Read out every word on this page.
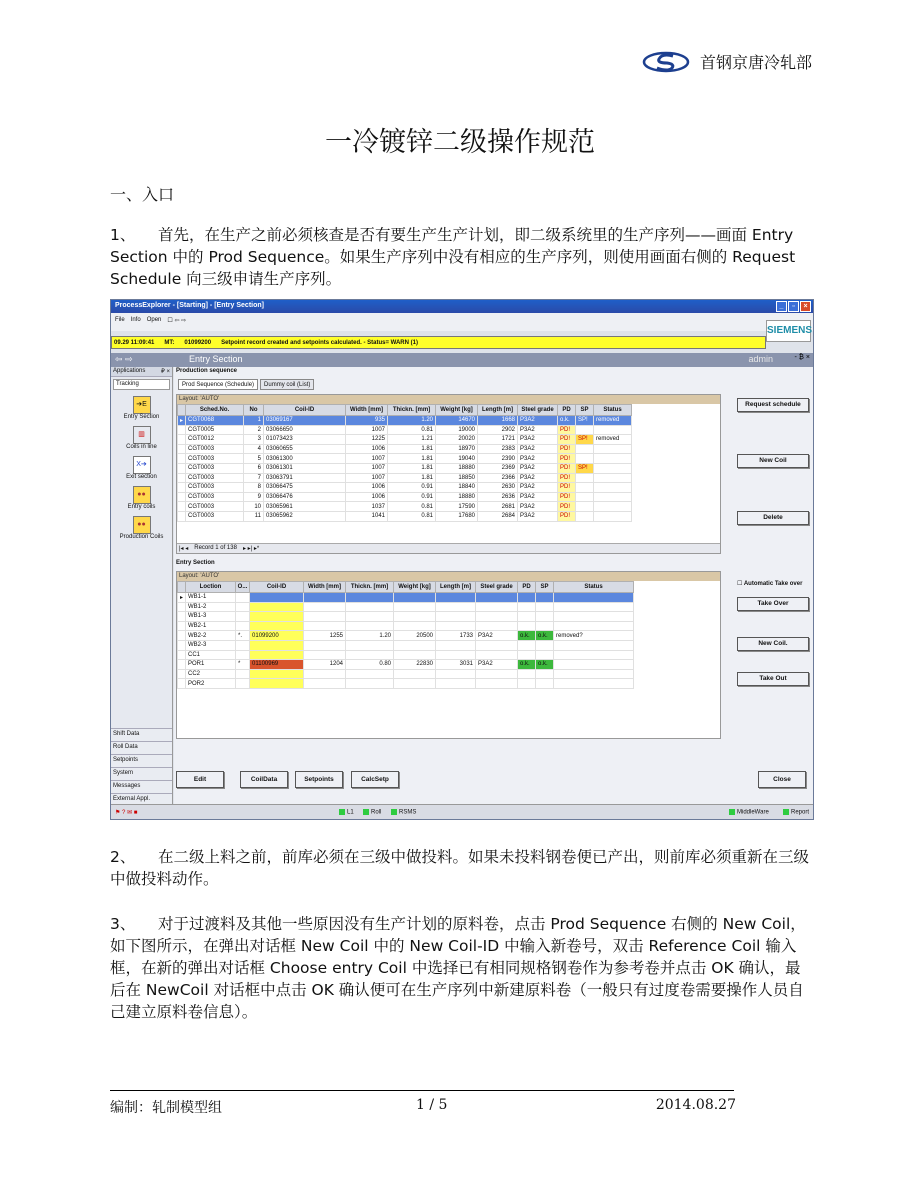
首钢京唐冷轧部
一冷镀锌二级操作规范
一、入口
1、 首先，在生产之前必须核查是否有要生产生产计划，即二级系统里的生产序列——画面 Entry Section 中的 Prod Sequence。如果生产序列中没有相应的生产序列，则使用画面右侧的 Request Schedule 向三级申请生产序列。
ProcessExplorer - [Starting] - [Entry Section]	_	▫	×
File Info Open ☐ ⇦ ⇨
SIEMENS
09.29 11:09:41 MT: 01099200 Setpoint record created and setpoints calculated. - Status= WARN (1)
⇦ ⇨	Entry Section	admin	- ₿ ×
Applications	₽ ×
Tracking
➔E
Entry Section
▥
Coils in line
X➔
Exit section
●●
Entry coils
●●
Production Coils
Shift Data
Roll Data
Setpoints
System
Messages
External Appl.
Production sequence
Prod Sequence (Schedule)	Dummy coil (List)
Layout: 'AUTO'
	Sched.No.	No	Coil-ID	Width [mm]	Thickn. [mm]	Weight [kg]	Length [m]	Steel grade	PD	SP	Status
▸	CGT0068	1	03069167	935	1.20	14670	1668	P3A2	o.k.	SP!	removed
	CGT0005	2	03066650	1007	0.81	19000	2902	P3A2	PD!		
	CGT0012	3	01073423	1225	1.21	20020	1721	P3A2	PD!	SP!	removed
	CGT0003	4	03060655	1006	1.81	18970	2383	P3A2	PD!		
	CGT0003	5	03061300	1007	1.81	19040	2390	P3A2	PD!		
	CGT0003	6	03061301	1007	1.81	18880	2369	P3A2	PD!	SP!	
	CGT0003	7	03063791	1007	1.81	18850	2366	P3A2	PD!		
	CGT0003	8	03066475	1006	0.91	18840	2630	P3A2	PD!		
	CGT0003	9	03066476	1006	0.91	18880	2636	P3A2	PD!		
	CGT0003	10	03065961	1037	0.81	17590	2681	P3A2	PD!		
	CGT0003	11	03065962	1041	0.81	17680	2684	P3A2	PD!		
|◂ ◂ Record 1 of 138 ▸ ▸| ▸*
Request schedule
New Coil
Delete
Entry Section
Layout: 'AUTO'
	Loction	O...	Coil-ID	Width [mm]	Thickn. [mm]	Weight [kg]	Length [m]	Steel grade	PD	SP	Status
▸	WB1-1										
	WB1-2										
	WB1-3										
	WB2-1										
	WB2-2	*.	01099200	1255	1.20	20500	1733	P3A2	o.k.	o.k.	removed?
	WB2-3										
	CC1										
	POR1	*	01100969	1204	0.80	22830	3031	P3A2	o.k.	o.k.	
	CC2										
	POR2										
☐ Automatic Take over
Take Over
New Coil.
Take Out
Edit	CoilData	Setpoints	CalcSetp	Close
⚑ ? ✉ ■	L1	Roll	RSMS	MiddleWare	Report
2、 在二级上料之前，前库必须在三级中做投料。如果未投料钢卷便已产出，则前库必须重新在三级中做投料动作。
3、 对于过渡料及其他一些原因没有生产计划的原料卷，点击 Prod Sequence 右侧的 New Coil，如下图所示，在弹出对话框 New Coil 中的 New Coil-ID 中输入新卷号，双击 Reference Coil 输入框，在新的弹出对话框 Choose entry Coil 中选择已有相同规格钢卷作为参考卷并点击 OK 确认，最后在 NewCoil 对话框中点击 OK 确认便可在生产序列中新建原料卷（一般只有过度卷需要操作人员自己建立原料卷信息）。
编制：轧制模型组	1 / 5	2014.08.27
